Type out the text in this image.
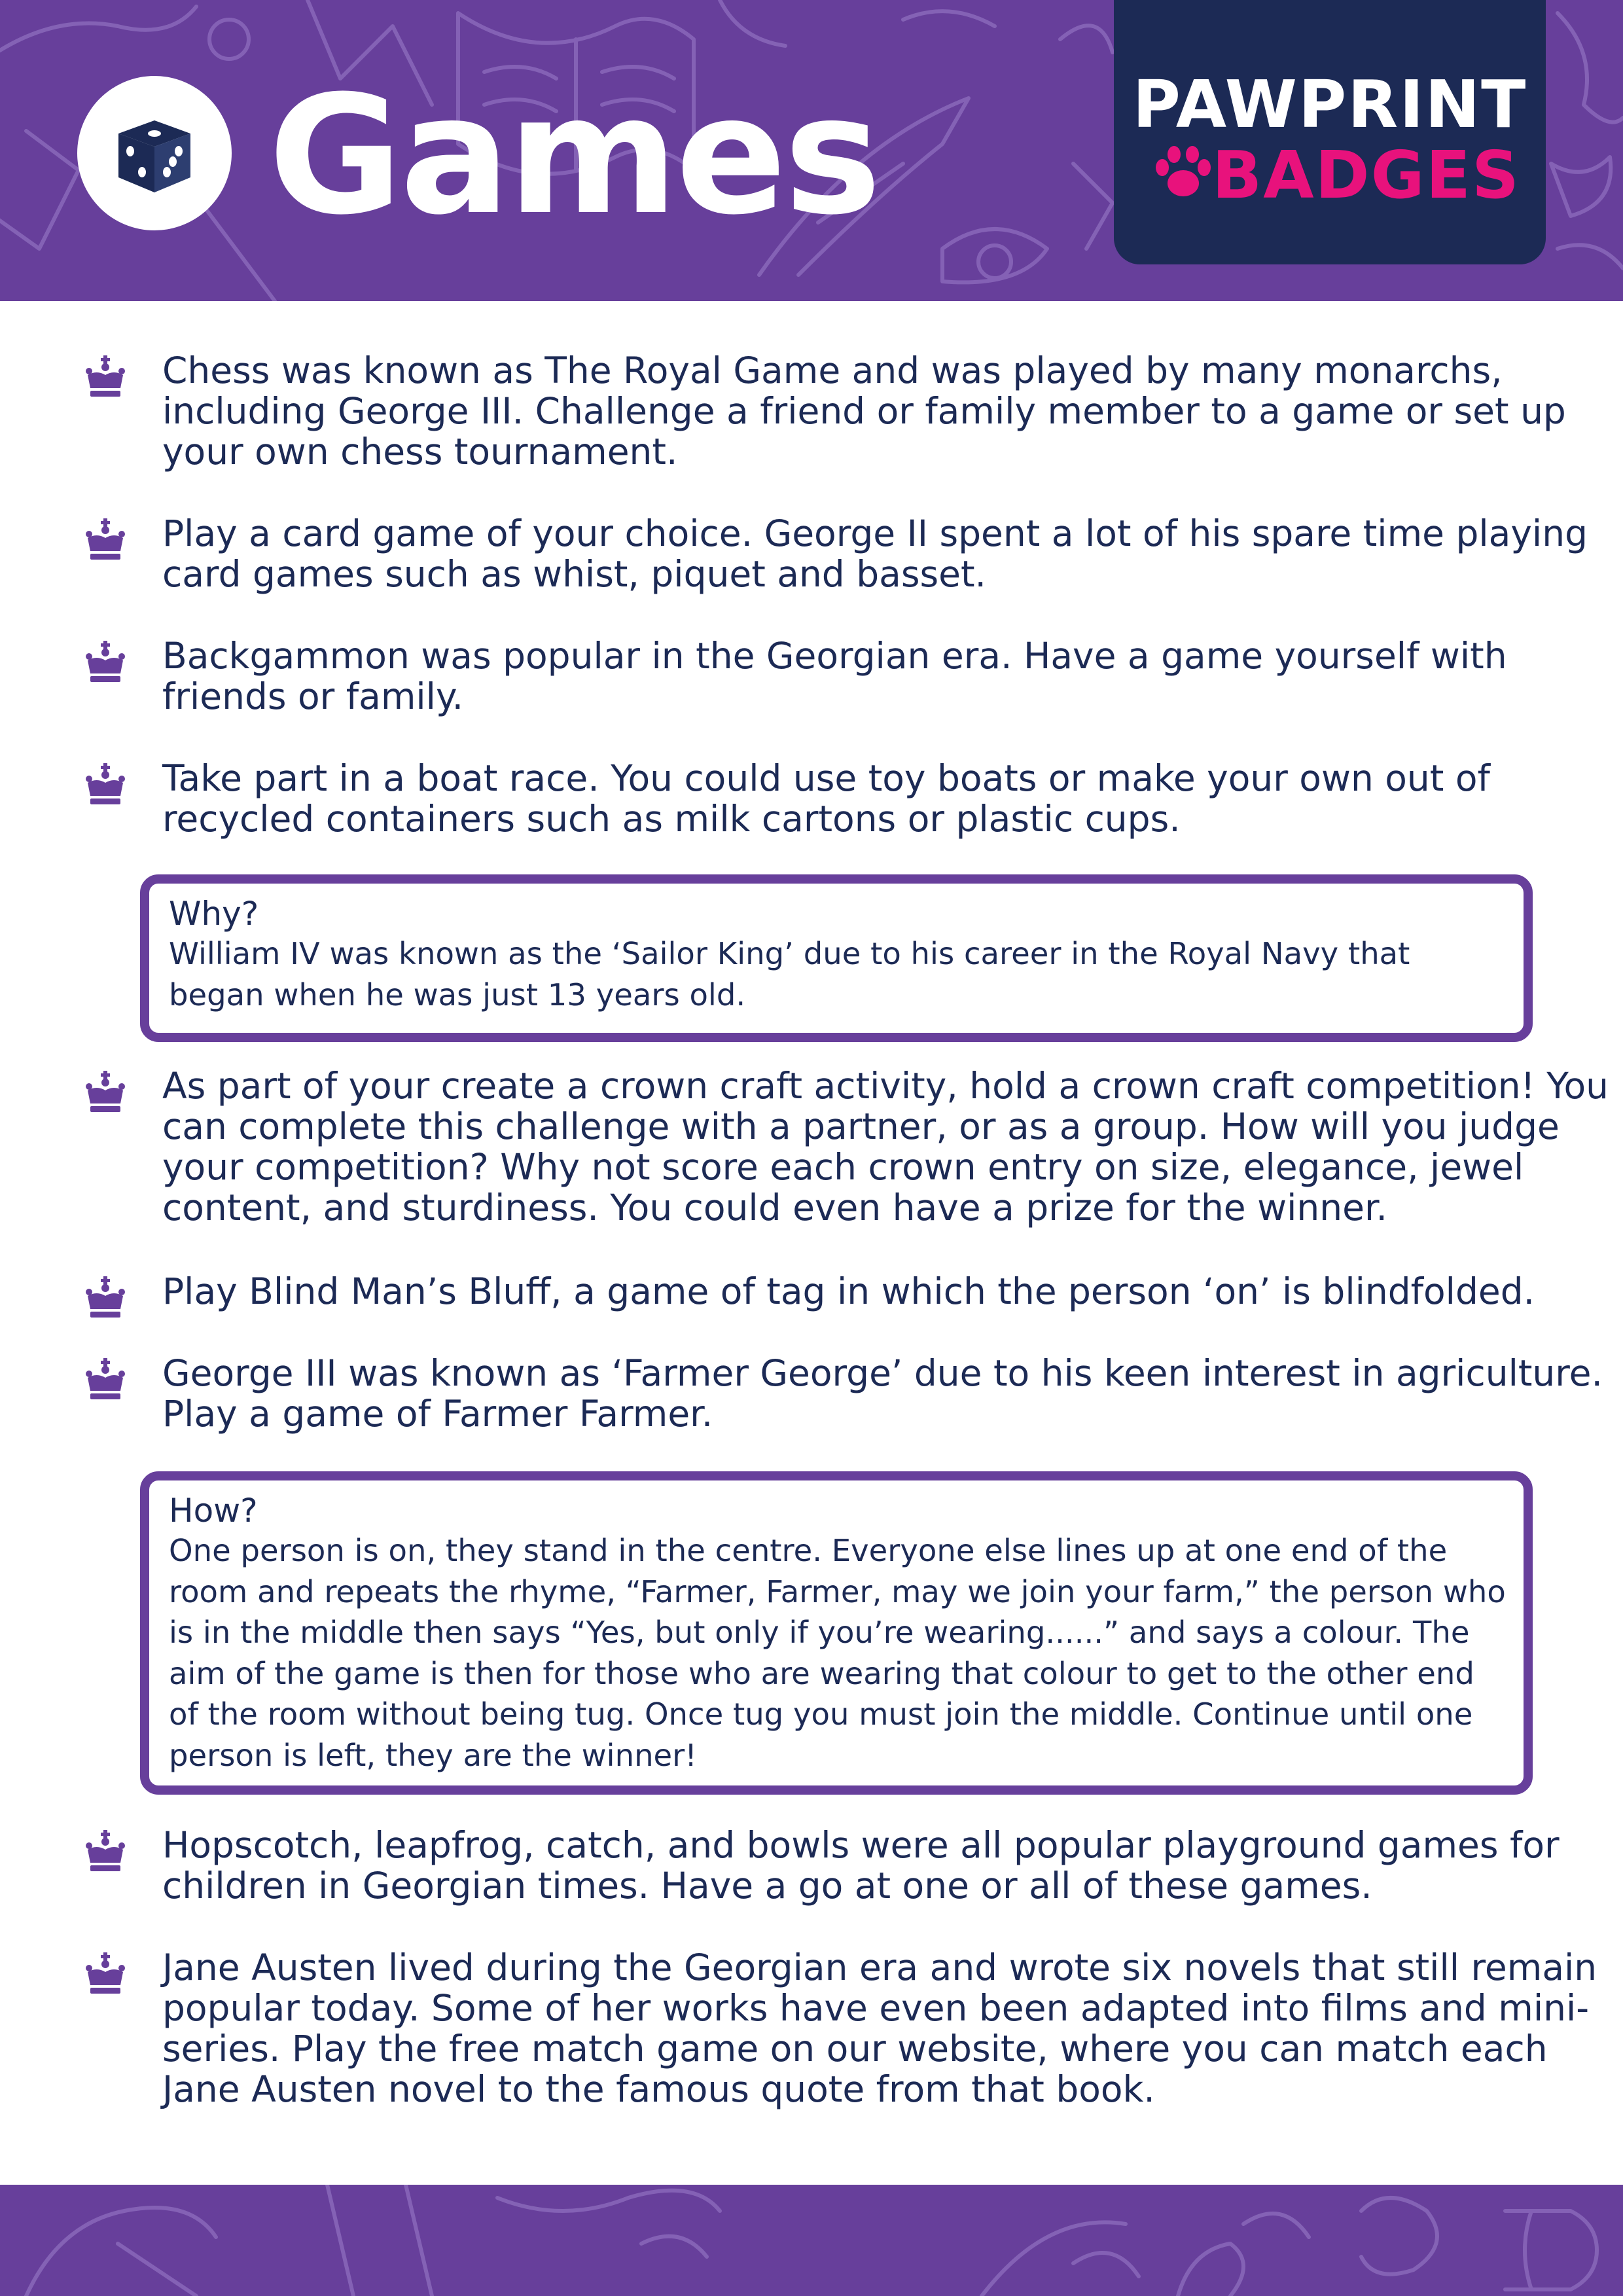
Games	PAWPRINT
BADGES

Chess was known as The Royal Game and was played by many monarchs, including George III. Challenge a friend or family member to a game or set up your own chess tournament.

Play a card game of your choice. George II spent a lot of his spare time playing card games such as whist, piquet and basset.

Backgammon was popular in the Georgian era. Have a game yourself with friends or family.

Take part in a boat race. You could use toy boats or make your own out of recycled containers such as milk cartons or plastic cups.

Why?

William IV was known as the ‘Sailor King’ due to his career in the Royal Navy that began when he was just 13 years old.

As part of your create a crown craft activity, hold a crown craft competition! You can complete this challenge with a partner, or as a group. How will you judge your competition? Why not score each crown entry on size, elegance, jewel content, and sturdiness. You could even have a prize for the winner.

Play Blind Man’s Bluff, a game of tag in which the person ‘on’ is blindfolded.

George III was known as ‘Farmer George’ due to his keen interest in agriculture. Play a game of Farmer Farmer.

How?

One person is on, they stand in the centre. Everyone else lines up at one end of the room and repeats the rhyme, “Farmer, Farmer, may we join your farm,” the person who is in the middle then says “Yes, but only if you’re wearing......” and says a colour. The aim of the game is then for those who are wearing that colour to get to the other end of the room without being tug. Once tug you must join the middle. Continue until one person is left, they are the winner!

Hopscotch, leapfrog, catch, and bowls were all popular playground games for children in Georgian times. Have a go at one or all of these games.

Jane Austen lived during the Georgian era and wrote six novels that still remain popular today. Some of her works have even been adapted into films and mini-series. Play the free match game on our website, where you can match each Jane Austen novel to the famous quote from that book.
